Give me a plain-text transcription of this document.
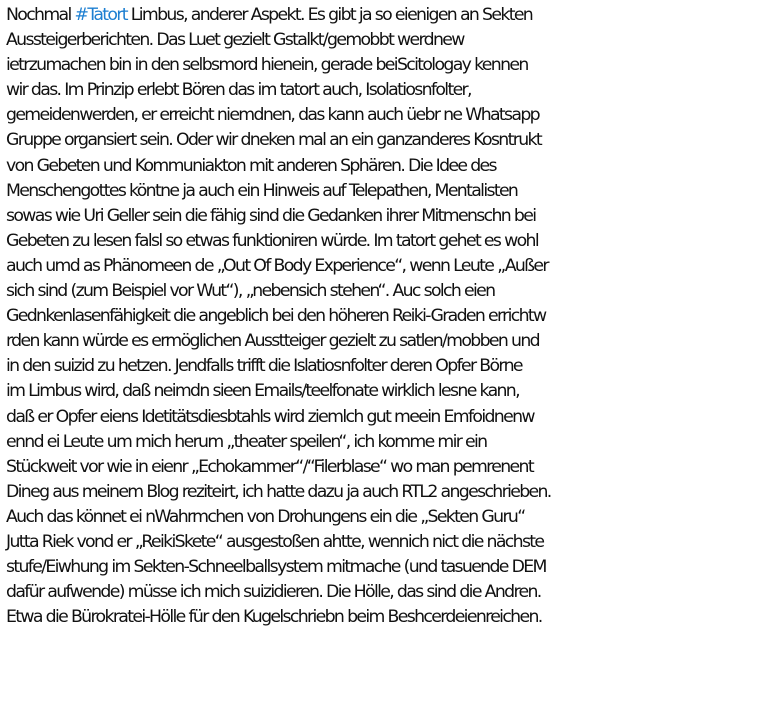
Nochmal #Tatort Limbus, anderer Aspekt. Es gibt ja so eienigen an Sekten
Aussteigerberichten. Das Luet gezielt Gstalkt/gemobbt werdnew
ietrzumachen bin in den selbsmord hienein, gerade beiScitologay kennen
wir das. Im Prinzip erlebt Bören das im tatort auch, Isolatiosnfolter,
gemeidenwerden, er erreicht niemdnen, das kann auch üebr ne Whatsapp
Gruppe organsiert sein. Oder wir dneken mal an ein ganzanderes Kosntrukt
von Gebeten und Kommuniakton mit anderen Sphären. Die Idee des
Menschengottes köntne ja auch ein Hinweis auf Telepathen, Mentalisten
sowas wie Uri Geller sein die fähig sind die Gedanken ihrer Mitmenschn bei
Gebeten zu lesen falsl so etwas funktioniren würde. Im tatort gehet es wohl
auch umd as Phänomeen de „Out Of Body Experience“, wenn Leute „Außer
sich sind (zum Beispiel vor Wut“), „nebensich stehen“. Auc solch eien
Gednkenlasenfähigkeit die angeblich bei den höheren Reiki-Graden errichtw
rden kann würde es ermöglichen Ausstteiger gezielt zu satlen/mobben und
in den suizid zu hetzen. Jendfalls trifft die Islatiosnfolter deren Opfer Börne
im Limbus wird, daß neimdn sieen Emails/teelfonate wirklich lesne kann,
daß er Opfer eiens Idetitätsdiesbtahls wird ziemlch gut meein Emfoidnenw
ennd ei Leute um mich herum „theater speilen“, ich komme mir ein
Stückweit vor wie in eienr „Echokammer“/“Filerblase“ wo man pemrenent
Dineg aus meinem Blog reziteirt, ich hatte dazu ja auch RTL2 angeschrieben.
Auch das könnet ei nWahrmchen von Drohungens ein die „Sekten Guru“
Jutta Riek vond er „ReikiSkete“ ausgestoßen ahtte, wennich nict die nächste
stufe/Eiwhung im Sekten-Schneelballsystem mitmache (und tasuende DEM
dafür aufwende) müsse ich mich suizidieren. Die Hölle, das sind die Andren.
Etwa die Bürokratei-Hölle für den Kugelschriebn beim Beshcerdeienreichen.
